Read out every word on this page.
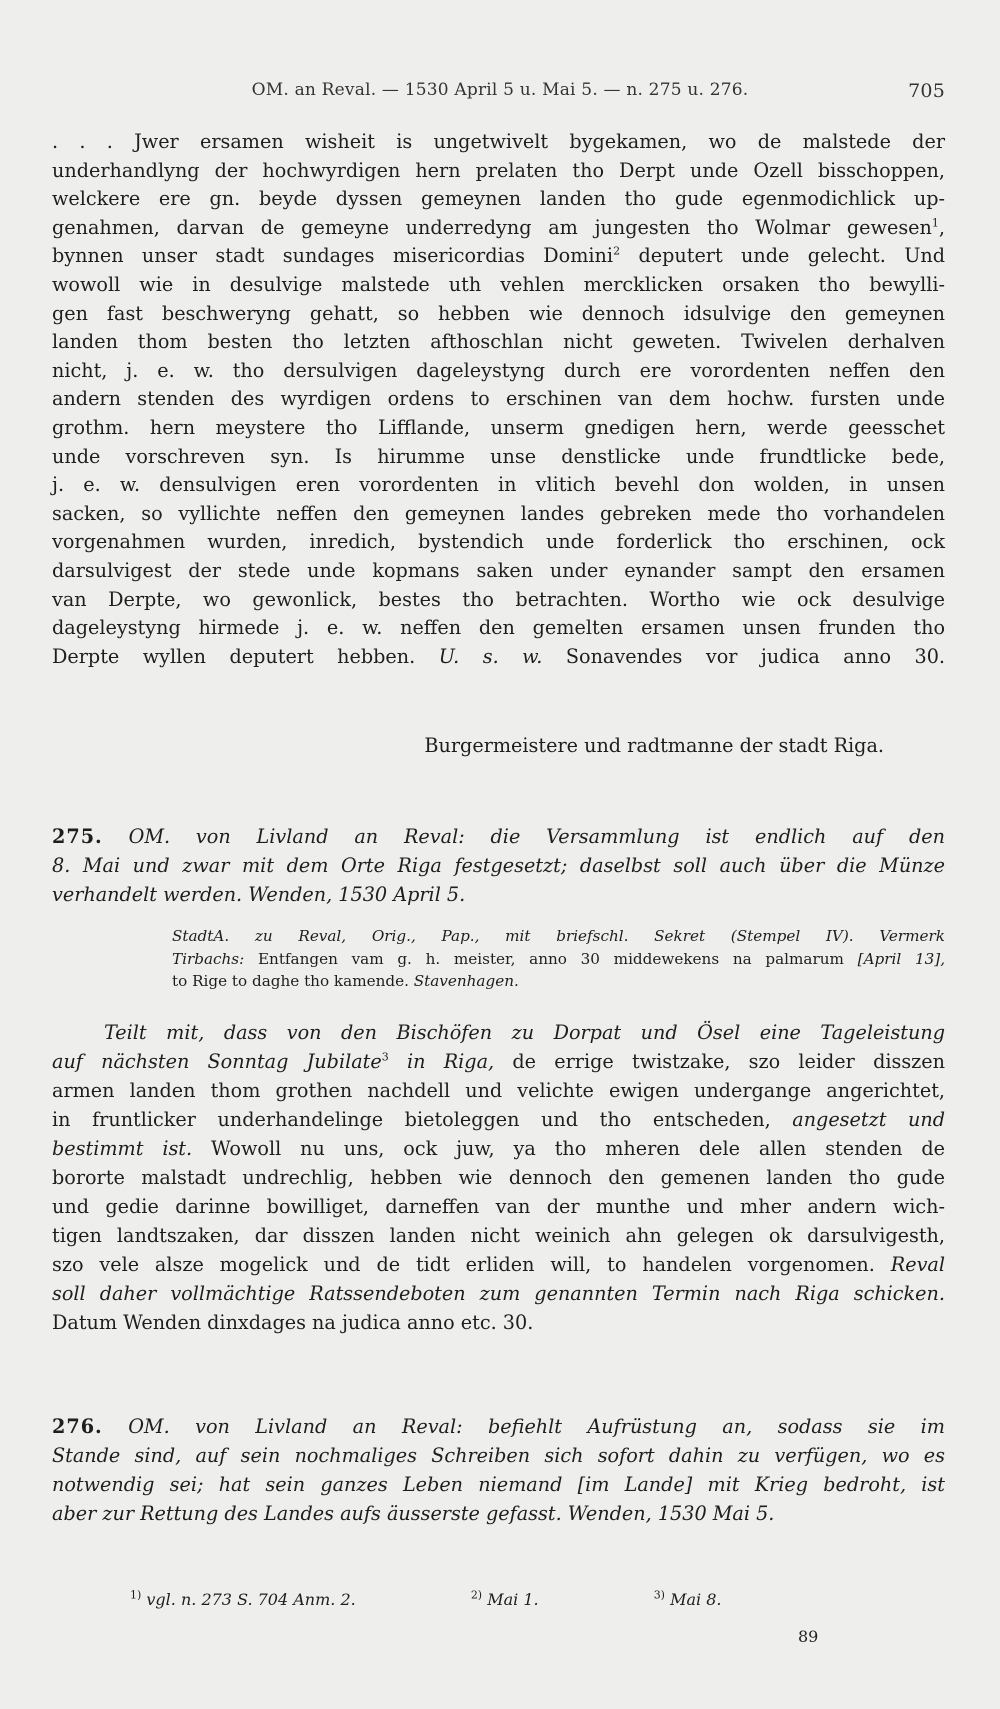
OM. an Reval. — 1530 April 5 u. Mai 5. — n. 275 u. 276.	705
. . . Jwer ersamen wisheit is ungetwivelt bygekamen, wo de malstede der
underhandlyng der hochwyrdigen hern prelaten tho Derpt unde Ozell bisschoppen,
welckere ere gn. beyde dyssen gemeynen landen tho gude egenmodichlick up-
genahmen, darvan de gemeyne underredyng am jungesten tho Wolmar gewesen$^1$,
bynnen unser stadt sundages misericordias Domini$^2$ deputert unde gelecht. Und
wowoll wie in desulvige malstede uth vehlen mercklicken orsaken tho bewylli-
gen fast beschweryng gehatt, so hebben wie dennoch idsulvige den gemeynen
landen thom besten tho letzten afthoschlan nicht geweten. Twivelen derhalven
nicht, j. e. w. tho dersulvigen dageleystyng durch ere vorordenten neffen den
andern stenden des wyrdigen ordens to erschinen van dem hochw. fursten unde
grothm. hern meystere tho Lifflande, unserm gnedigen hern, werde geesschet
unde vorschreven syn. Is hirumme unse denstlicke unde frundtlicke bede,
j. e. w. densulvigen eren vorordenten in vlitich bevehl don wolden, in unsen
sacken, so vyllichte neffen den gemeynen landes gebreken mede tho vorhandelen
vorgenahmen wurden, inredich, bystendich unde forderlick tho erschinen, ock
darsulvigest der stede unde kopmans saken under eynander sampt den ersamen
van Derpte, wo gewonlick, bestes tho betrachten. Wortho wie ock desulvige
dageleystyng hirmede j. e. w. neffen den gemelten ersamen unsen frunden tho
Derpte wyllen deputert hebben. U. s. w. Sonavendes vor judica anno 30.
Burgermeistere und radtmanne der stadt Riga.
275. OM. von Livland an Reval: die Versammlung ist endlich auf den
8. Mai und zwar mit dem Orte Riga festgesetzt; daselbst soll auch über die Münze
verhandelt werden. Wenden, 1530 April 5.
StadtA. zu Reval, Orig., Pap., mit briefschl. Sekret (Stempel IV). Vermerk
Tirbachs: Entfangen vam g. h. meister, anno 30 middewekens na palmarum [April 13],
to Rige to daghe tho kamende. Stavenhagen.
Teilt mit, dass von den Bischöfen zu Dorpat und Ösel eine Tageleistung
auf nächsten Sonntag Jubilate$^3$ in Riga, de errige twistzake, szo leider disszen
armen landen thom grothen nachdell und velichte ewigen undergange angerichtet,
in fruntlicker underhandelinge bietoleggen und tho entscheden, angesetzt und
bestimmt ist. Wowoll nu uns, ock juw, ya tho mheren dele allen stenden de
bororte malstadt undrechlig, hebben wie dennoch den gemenen landen tho gude
und gedie darinne bowilliget, darneffen van der munthe und mher andern wich-
tigen landtszaken, dar disszen landen nicht weinich ahn gelegen ok darsulvigesth,
szo vele alsze mogelick und de tidt erliden will, to handelen vorgenomen. Reval
soll daher vollmächtige Ratssendeboten zum genannten Termin nach Riga schicken.
Datum Wenden dinxdages na judica anno etc. 30.
276. OM. von Livland an Reval: befiehlt Aufrüstung an, sodass sie im
Stande sind, auf sein nochmaliges Schreiben sich sofort dahin zu verfügen, wo es
notwendig sei; hat sein ganzes Leben niemand [im Lande] mit Krieg bedroht, ist
aber zur Rettung des Landes aufs äusserste gefasst. Wenden, 1530 Mai 5.
$^{1)}$ vgl. n. 273 S. 704 Anm. 2.	$^{2)}$ Mai 1.	$^{3)}$ Mai 8.
89
